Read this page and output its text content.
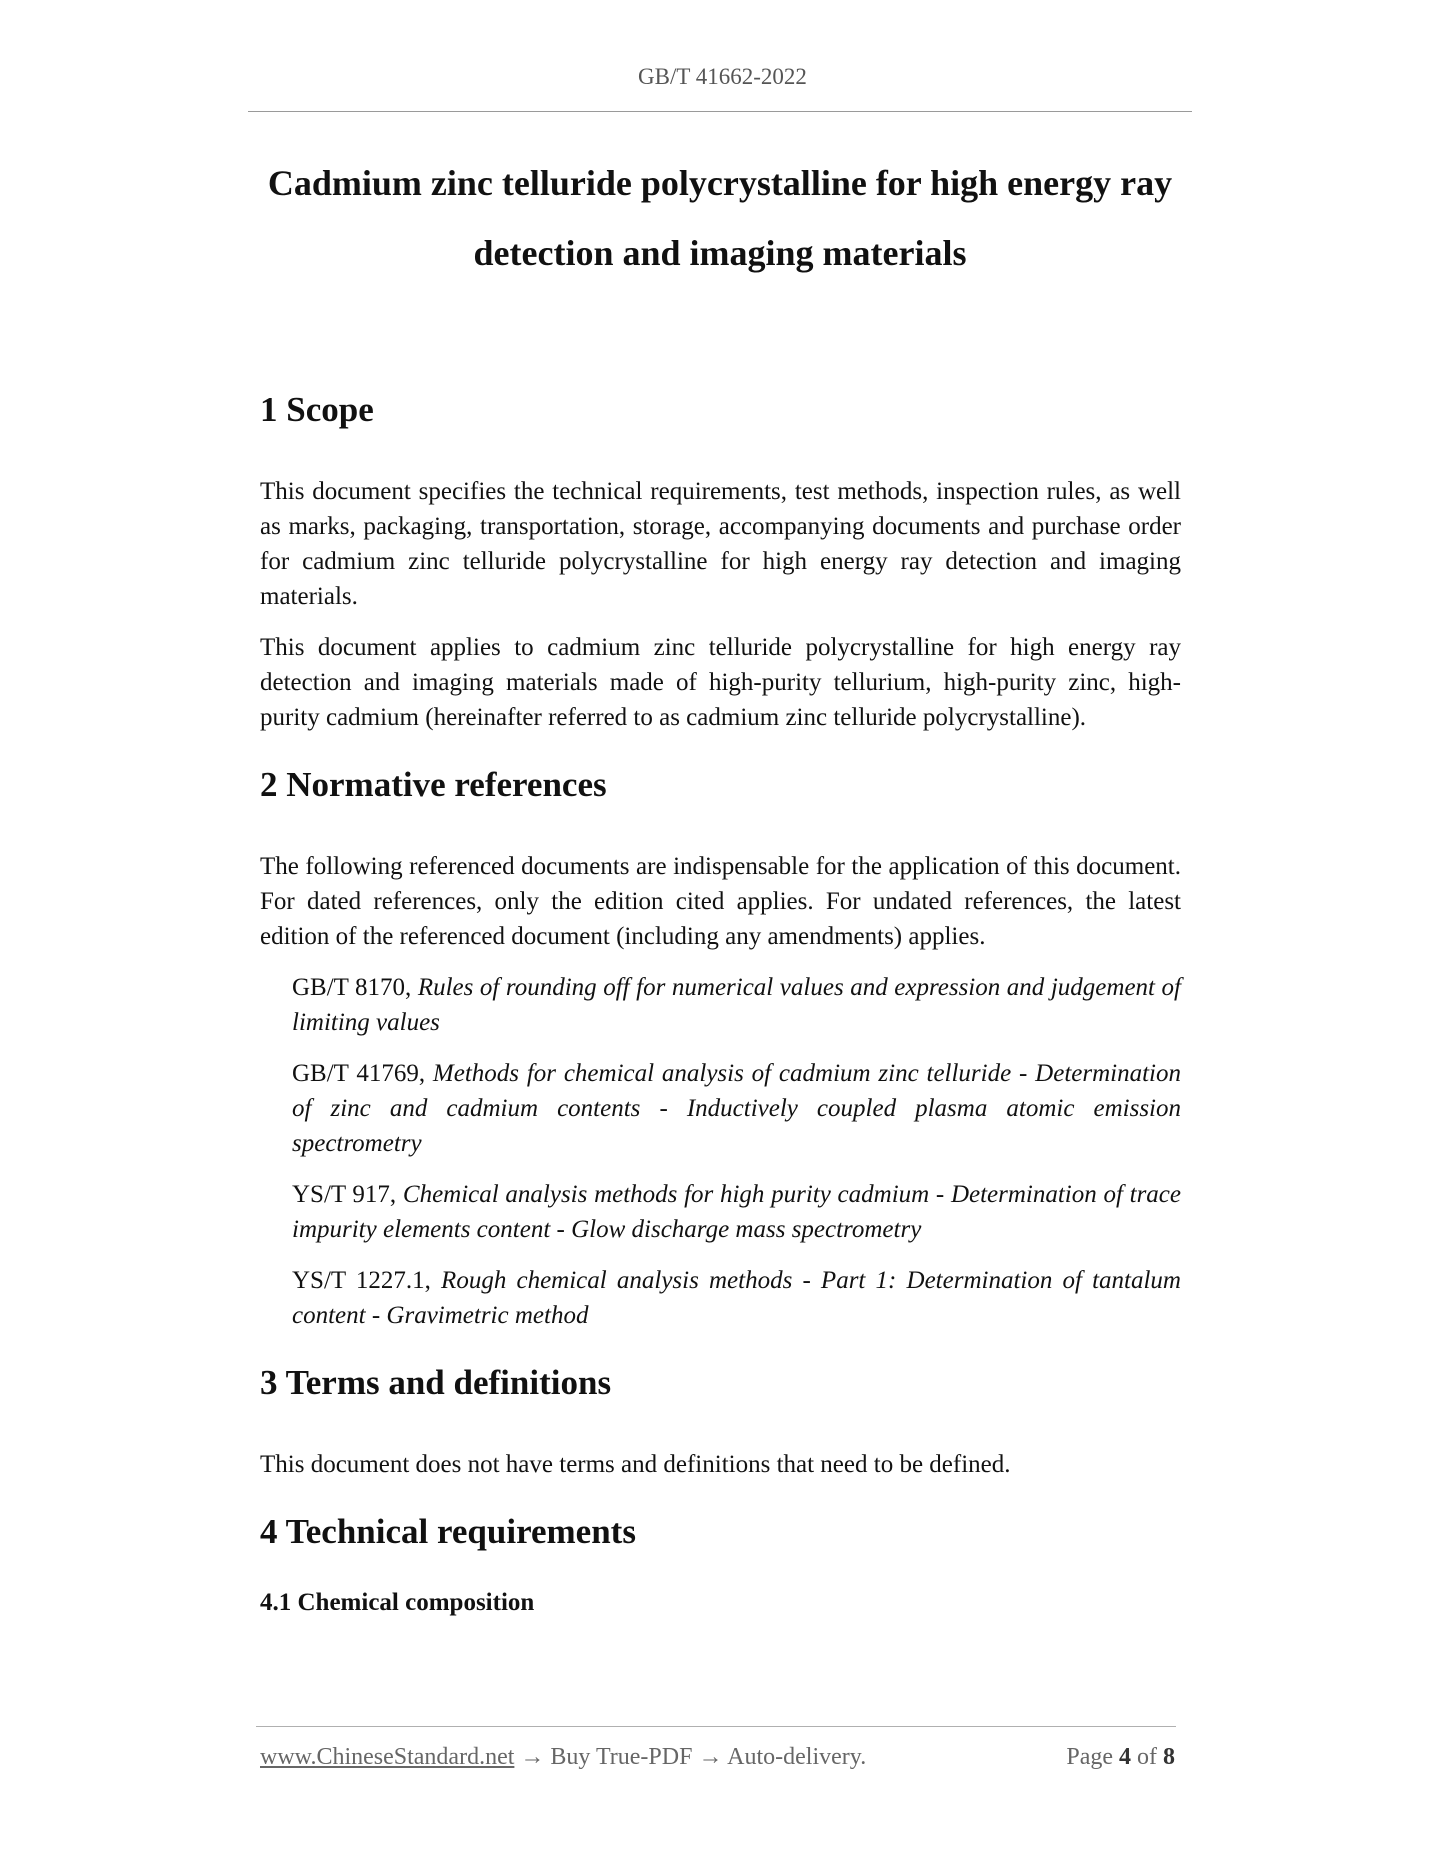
GB/T 41662-2022
Cadmium zinc telluride polycrystalline for high energy ray
detection and imaging materials
1 Scope

This document specifies the technical requirements, test methods, inspection rules, as well as marks, packaging, transportation, storage, accompanying documents and purchase order for cadmium zinc telluride polycrystalline for high energy ray detection and imaging materials.

This document applies to cadmium zinc telluride polycrystalline for high energy ray detection and imaging materials made of high-purity tellurium, high-purity zinc, high-purity cadmium (hereinafter referred to as cadmium zinc telluride polycrystalline).

2 Normative references

The following referenced documents are indispensable for the application of this document. For dated references, only the edition cited applies. For undated references, the latest edition of the referenced document (including any amendments) applies.

GB/T 8170, Rules of rounding off for numerical values and expression and judgement of limiting values

GB/T 41769, Methods for chemical analysis of cadmium zinc telluride - Determination of zinc and cadmium contents - Inductively coupled plasma atomic emission spectrometry

YS/T 917, Chemical analysis methods for high purity cadmium - Determination of trace impurity elements content - Glow discharge mass spectrometry

YS/T 1227.1, Rough chemical analysis methods - Part 1: Determination of tantalum content - Gravimetric method

3 Terms and definitions

This document does not have terms and definitions that need to be defined.

4 Technical requirements
4.1 Chemical composition
www.ChineseStandard.net → Buy True-PDF → Auto-delivery.	Page 4 of 8
